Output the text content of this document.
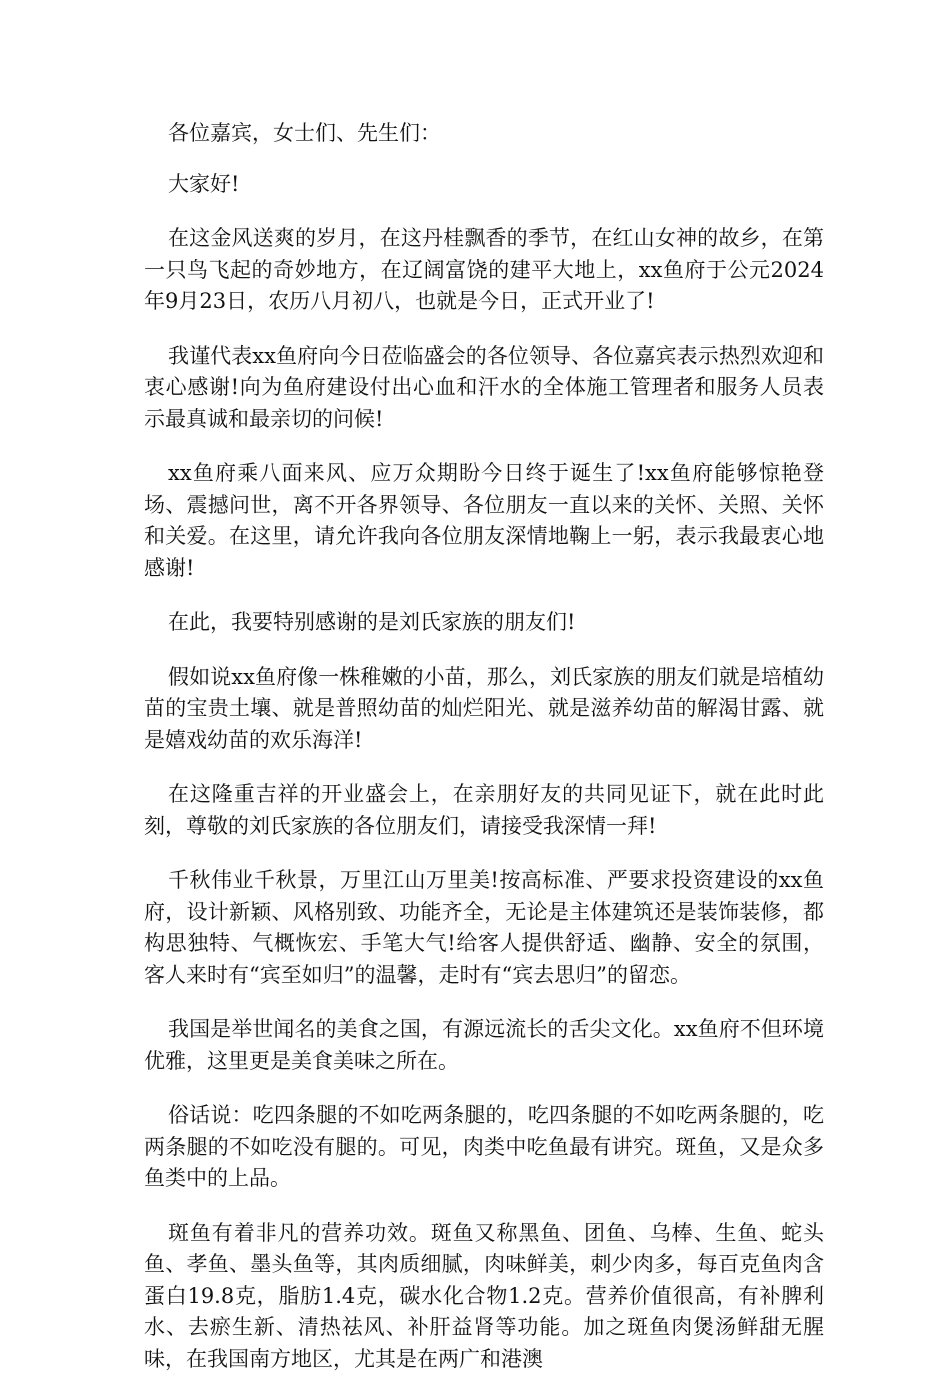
各位嘉宾，女士们、先生们：

大家好!

在这金风送爽的岁月，在这丹桂飘香的季节，在红山女神的故乡，在第一只鸟飞起的奇妙地方，在辽阔富饶的建平大地上，xx鱼府于公元2024年9月23日，农历八月初八，也就是今日，正式开业了!

我谨代表xx鱼府向今日莅临盛会的各位领导、各位嘉宾表示热烈欢迎和衷心感谢!向为鱼府建设付出心血和汗水的全体施工管理者和服务人员表示最真诚和最亲切的问候!

xx鱼府乘八面来风、应万众期盼今日终于诞生了!xx鱼府能够惊艳登场、震撼问世，离不开各界领导、各位朋友一直以来的关怀、关照、关怀和关爱。在这里，请允许我向各位朋友深情地鞠上一躬，表示我最衷心地感谢!

在此，我要特别感谢的是刘氏家族的朋友们!

假如说xx鱼府像一株稚嫩的小苗，那么，刘氏家族的朋友们就是培植幼苗的宝贵土壤、就是普照幼苗的灿烂阳光、就是滋养幼苗的解渴甘露、就是嬉戏幼苗的欢乐海洋!

在这隆重吉祥的开业盛会上，在亲朋好友的共同见证下，就在此时此刻，尊敬的刘氏家族的各位朋友们，请接受我深情一拜!

千秋伟业千秋景，万里江山万里美!按高标准、严要求投资建设的xx鱼府，设计新颖、风格别致、功能齐全，无论是主体建筑还是装饰装修，都构思独特、气概恢宏、手笔大气!给客人提供舒适、幽静、安全的氛围，客人来时有“宾至如归”的温馨，走时有“宾去思归”的留恋。

我国是举世闻名的美食之国，有源远流长的舌尖文化。xx鱼府不但环境优雅，这里更是美食美味之所在。

俗话说：吃四条腿的不如吃两条腿的，吃四条腿的不如吃两条腿的，吃两条腿的不如吃没有腿的。可见，肉类中吃鱼最有讲究。斑鱼，又是众多鱼类中的上品。

斑鱼有着非凡的营养功效。斑鱼又称黑鱼、团鱼、乌棒、生鱼、蛇头鱼、孝鱼、墨头鱼等，其肉质细腻，肉味鲜美，刺少肉多，每百克鱼肉含蛋白19.8克，脂肪1.4克，碳水化合物1.2克。营养价值很高，有补脾利水、去瘀生新、清热祛风、补肝益肾等功能。加之斑鱼肉煲汤鲜甜无腥味，在我国南方地区，尤其是在两广和港澳
